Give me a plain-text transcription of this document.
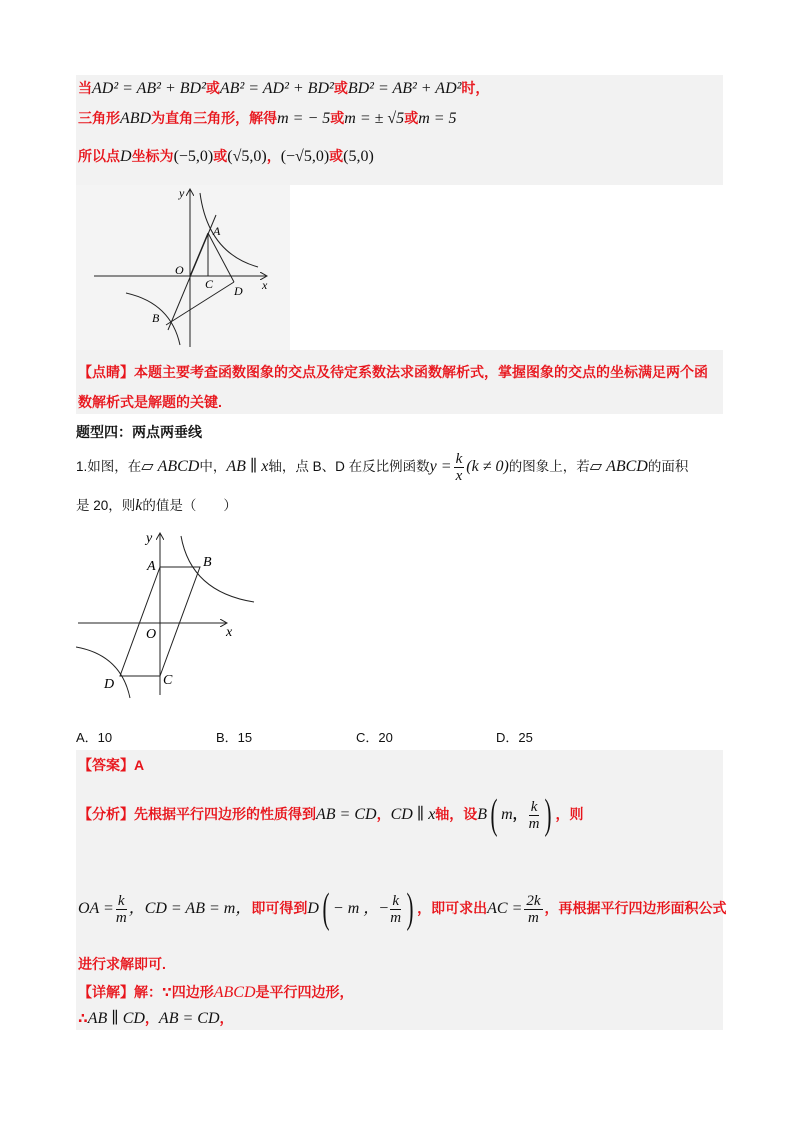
当AD² = AB² + BD²或AB² = AD² + BD²或BD² = AB² + AD²时，
三角形ABD为直角三角形，解得m = − 5或m = ± √5或m = 5
所以点D坐标为(−5,0)或(√5,0)，(−√5,0)或(5,0)
y
x
O
A
C D
B
【点睛】本题主要考查函数图象的交点及待定系数法求函数解析式，掌握图象的交点的坐标满足两个函
数解析式是解题的关键.
题型四：两点两垂线
1.如图，在▱ ABCD中，AB ∥ x轴，点 B、D 在反比例函数$y = \frac{k}{x} (k \ne 0)$的图象上，若▱ ABCD的面积
是 20，则k的值是（　　）
y
x
O
A	B
C
D
A．10	B．15	C．20	D．25
【答案】A
【分析】先根据平行四边形的性质得到AB = CD，CD ∥ x轴，设B( m， $\frac{k}{m}$ ) ，则
OA = $\frac{k}{m}$ ，CD = AB = m，即可得到D( − m ，− $\frac{k}{m}$ ) ，即可求出AC = $\frac{2k}{m}$ ，再根据平行四边形面积公式
进行求解即可.
【详解】解：∵四边形ABCD是平行四边形，
∴AB ∥ CD，AB = CD，
